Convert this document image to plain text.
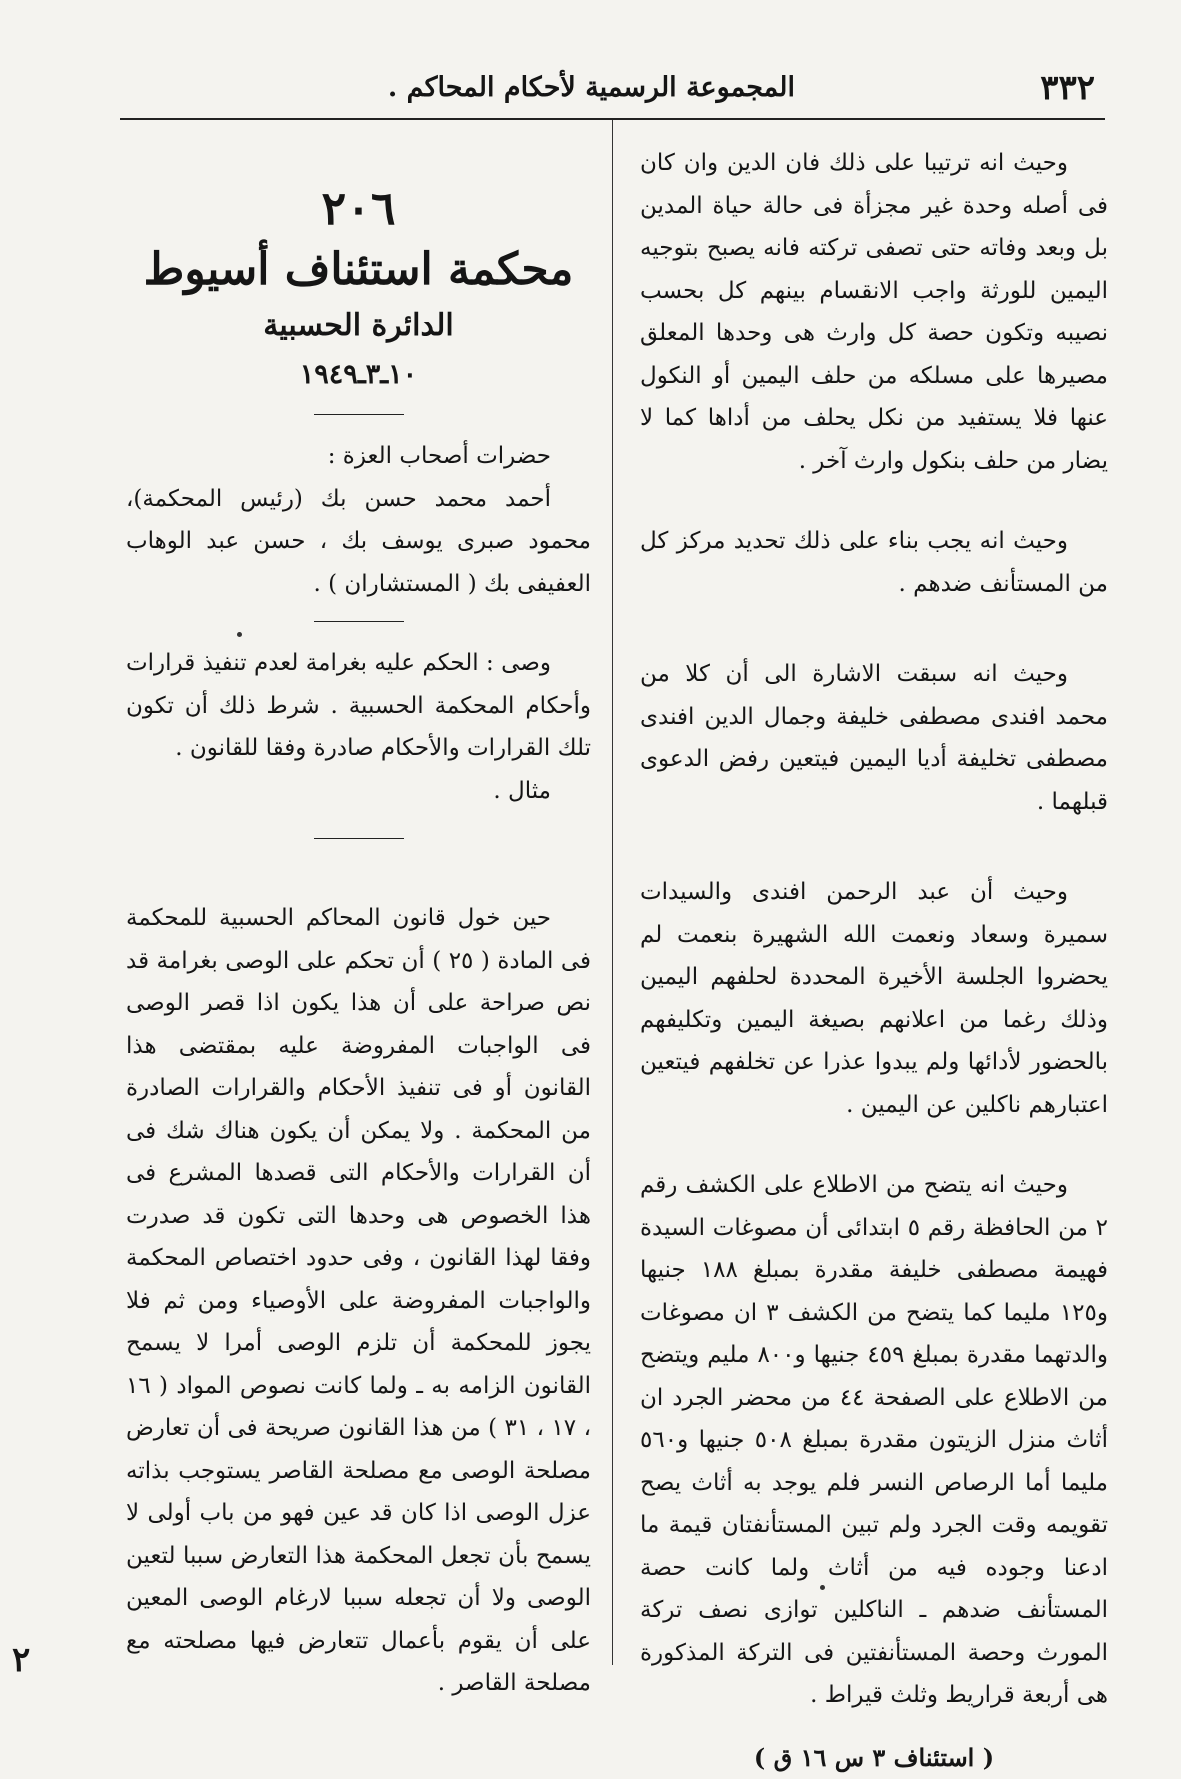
٣٣٢
المجموعة الرسمية لأحكام المحاكم .

وحيث انه ترتيبا على ذلك فان الدين وان كان فى أصله وحدة غير مجزأة فى حالة حياة المدين بل وبعد وفاته حتى تصفى تركته فانه يصبح بتوجيه اليمين للورثة واجب الانقسام بينهم كل بحسب نصيبه وتكون حصة كل وارث هى وحدها المعلق مصيرها على مسلكه من حلف اليمين أو النكول عنها فلا يستفيد من نكل يحلف من أداها كما لا يضار من حلف بنكول وارث آخر .

وحيث انه يجب بناء على ذلك تحديد مركز كل من المستأنف ضدهم .

وحيث انه سبقت الاشارة الى أن كلا من محمد افندى مصطفى خليفة وجمال الدين افندى مصطفى تخليفة أديا اليمين فيتعين رفض الدعوى قبلهما .

وحيث أن عبد الرحمن افندى والسيدات سميرة وسعاد ونعمت الله الشهيرة بنعمت لم يحضروا الجلسة الأخيرة المحددة لحلفهم اليمين وذلك رغما من اعلانهم بصيغة اليمين وتكليفهم بالحضور لأدائها ولم يبدوا عذرا عن تخلفهم فيتعين اعتبارهم ناكلين عن اليمين .

وحيث انه يتضح من الاطلاع على الكشف رقم ٢ من الحافظة رقم ٥ ابتدائى أن مصوغات السيدة فهيمة مصطفى خليفة مقدرة بمبلغ ١٨٨ جنيها و١٢٥ مليما كما يتضح من الكشف ٣ ان مصوغات والدتهما مقدرة بمبلغ ٤٥٩ جنيها و٨٠٠ مليم ويتضح من الاطلاع على الصفحة ٤٤ من محضر الجرد ان أثاث منزل الزيتون مقدرة بمبلغ ٥٠٨ جنيها و٥٦٠ مليما أما الرصاص النسر فلم يوجد به أثاث يصح تقويمه وقت الجرد ولم تبين المستأنفتان قيمة ما ادعنا وجوده فيه من أثاث ولما كانت حصة المستأنف ضدهم ـ الناكلين توازى نصف تركة المورث وحصة المستأنفتين فى التركة المذكورة هى أربعة قراريط وثلث قيراط .

( استئناف ٣ س ١٦ ق )
٢٠٦
محكمة استئناف أسيوط
الدائرة الحسبية
١٠ـ٣ـ١٩٤٩

حضرات أصحاب العزة :

أحمد محمد حسن بك (رئيس المحكمة)، محمود صبرى يوسف بك ، حسن عبد الوهاب العفيفى بك ( المستشاران ) .

وصى : الحكم عليه بغرامة لعدم تنفيذ قرارات وأحكام المحكمة الحسبية . شرط ذلك أن تكون تلك القرارات والأحكام صادرة وفقا للقانون .

مثال .

حين خول قانون المحاكم الحسبية للمحكمة فى المادة ( ٢٥ ) أن تحكم على الوصى بغرامة قد نص صراحة على أن هذا يكون اذا قصر الوصى فى الواجبات المفروضة عليه بمقتضى هذا القانون أو فى تنفيذ الأحكام والقرارات الصادرة من المحكمة . ولا يمكن أن يكون هناك شك فى أن القرارات والأحكام التى قصدها المشرع فى هذا الخصوص هى وحدها التى تكون قد صدرت وفقا لهذا القانون ، وفى حدود اختصاص المحكمة والواجبات المفروضة على الأوصياء ومن ثم فلا يجوز للمحكمة أن تلزم الوصى أمرا لا يسمح القانون الزامه به ـ ولما كانت نصوص المواد ( ١٦ ، ١٧ ، ٣١ ) من هذا القانون صريحة فى أن تعارض مصلحة الوصى مع مصلحة القاصر يستوجب بذاته عزل الوصى اذا كان قد عين فهو من باب أولى لا يسمح بأن تجعل المحكمة هذا التعارض سببا لتعين الوصى ولا أن تجعله سببا لارغام الوصى المعين على أن يقوم بأعمال تتعارض فيها مصلحته مع مصلحة القاصر .

٢
